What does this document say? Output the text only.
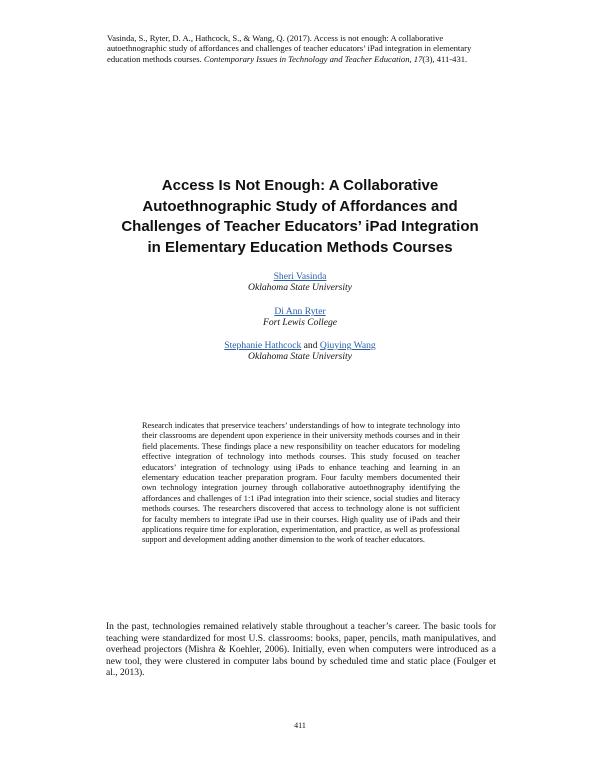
Vasinda, S., Ryter, D. A., Hathcock, S., & Wang, Q. (2017). Access is not enough: A collaborative autoethnographic study of affordances and challenges of teacher educators’ iPad integration in elementary education methods courses. Contemporary Issues in Technology and Teacher Education, 17(3), 411-431.
Access Is Not Enough: A Collaborative
Autoethnographic Study of Affordances and
Challenges of Teacher Educators’ iPad Integration
in Elementary Education Methods Courses
Sheri Vasinda
Oklahoma State University
Di Ann Ryter
Fort Lewis College
Stephanie Hathcock and Qiuying Wang
Oklahoma State University

Research indicates that preservice teachers’ understandings of how to integrate technology into their classrooms are dependent upon experience in their university methods courses and in their field placements. These findings place a new responsibility on teacher educators for modeling effective integration of technology into methods courses. This study focused on teacher educators’ integration of technology using iPads to enhance teaching and learning in an elementary education teacher preparation program. Four faculty members documented their own technology integration journey through collaborative autoethnography identifying the affordances and challenges of 1:1 iPad integration into their science, social studies and literacy methods courses. The researchers discovered that access to technology alone is not sufficient for faculty members to integrate iPad use in their courses. High quality use of iPads and their applications require time for exploration, experimentation, and practice, as well as professional support and development adding another dimension to the work of teacher educators.

In the past, technologies remained relatively stable throughout a teacher’s career. The basic tools for teaching were standardized for most U.S. classrooms: books, paper, pencils, math manipulatives, and overhead projectors (Mishra & Koehler, 2006). Initially, even when computers were introduced as a new tool, they were clustered in computer labs bound by scheduled time and static place (Foulger et al., 2013).

411
